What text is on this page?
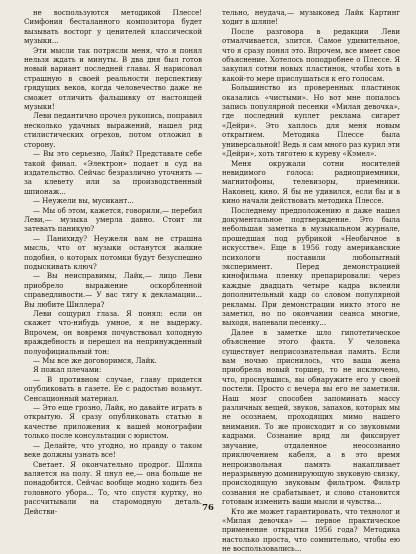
не воспользуются методикой Плессе! Симфония бесталанного композитора будет вызывать восторг у ценителей классической музыки...

Эти мысли так потрясли меня, что я понял нельзя ждать и минуты. В два дня был готов новый вариант последней главы. Я нарисовал страшную в своей реальности перспективу грядущих веков, когда человечество даже не сможет отличить фальшивку от настоящей музыки!

Леви педантично прочел рукопись, поправил несколько удачных выражений, нашел ряд стилистических огрехов, потом отложил в сторону.

— Вы это серьезно, Лайк? Представьте себе такой финал. «Электрон» подает в суд на издательство. Сейчас безразлично уточнять — за клевету или за производственный шпионаж...

— Неужели вы, мусикант...

— Мы об этом, кажется, говорили,— перебил Леви,— музыка умерла давно. Стоит ли затевать паникую?

— Панихиду? Неужели вам не страшна мысль, что от музыки останутся жалкие подобия, о которых потомки будут безуспешно подыскивать ключ?

— Вы неисправимы, Лайк,— лицо Леви приобрело выражение оскорбленной справедливости.— У вас тягу к декламации... Вы любите Шиллера?

Леви сощурил глаза. Я понял: если он скажет что-нибудь умное, я не выдержу. Впрочем, он вовремя почувствовал холодную враждебность и перешел на непринужденный полуофициальный тон:

— Мы все же договоримся, Лайк.

Я пожал плечами:

— В противном случае, главу придется опубликовать в газете. Ее с радостью возьмут. Сенсационный материал.

— Это еще грозно, Лайк, но давайте играть в открытую. Я сразу опубликовать статью в качестве приложения к вашей монографии только после консультации с юристом.

— Делайте, что угодно, но правду о таком веке должны узнать все!

Светает. Я окончательно продрог. Шляпа валяется на полу. Я пнул ее,— она больше не понадобится. Сейчас вообще модно ходить без головного убора... То, что спустя куртку, но рассчитывали на старомодную деталь. Действи-

тельно, неудача,— музыковед Лайк Картинг ходит в шляпе!

После разговора в редакции Леви отмалчивается, злится. Самое удивительное, что я сразу понял это. Впрочем, все имеет свое объяснение. Хотелось поподробнее о Плессе. Я закупил сотни новых пластинок, чтобы хоть в какой-то мере прислушаться к его голосам.

Большинство из проверенных пластинок оказались «чистыми». Но вот мне попалось запись популярной песенки «Милая девочка», где последний куплет реклама сигарет «Дейри». Это хаплось для меня новым открытием. Методика Плессе была универсальной! Ведь я сам много раз курил эти «Дейри», хоть тяготею к куреву «Кэмел».

Меня окружали сотни носителей невидимого голоса: радиоприемники, магнитофоны, телевизоры, приемники. Наконец, кино. Я бы не удивился, если бы и в кино начали действовать методика Плессе.

Последнему предположению я даже нашел документальное подтверждение. Это была небольшая заметка в музыкальном журнале, прошедшая под рубрикой «Необычное в искусстве». Еще в 1956 году американские психологи поставили любопытный эксперимент. Перед демонстрацией кинофильма пленку препарировали: через каждые двадцать четыре кадра вклеили дополнительный кадр со словом популярной рекламы. При демонстрации никто этого не заметил, но по окончании сеанса многие, выходя, напевали песенку...

Далее в заметке шло гипотетическое объяснение этого факта. У человека существует неприсознательная память. Если вам ночью приснилось, что ваша жена приобрела новый торшер, то не исключено, что, проснувшись, вы обнаружите его у своей постели. Просто с вечера вы его не заметили. Наш мозг способен запоминать массу различных вещей, звуков, запахов, которых мы не осознаем, проходящих мимо нашего внимания. То же происходит и со звуковыми кадрами. Сознание вряд ли фиксирует звучание, отдаленное неосознанно приключением кабеля, а в это время непроизвольная память накапливает неразрывную доминирующую звуковую связку, происходящую звуковым фильтром. Фильтр сознания не срабатывает, и слово становится готовым изменить ваши мысли и чувства...

Кто же может гарантировать, что технолог и «Милая девочка» — первое практическое применение открытия 1956 года? Методика настолько проста, что сомнительно, чтобы ею не воспользовались...

76
